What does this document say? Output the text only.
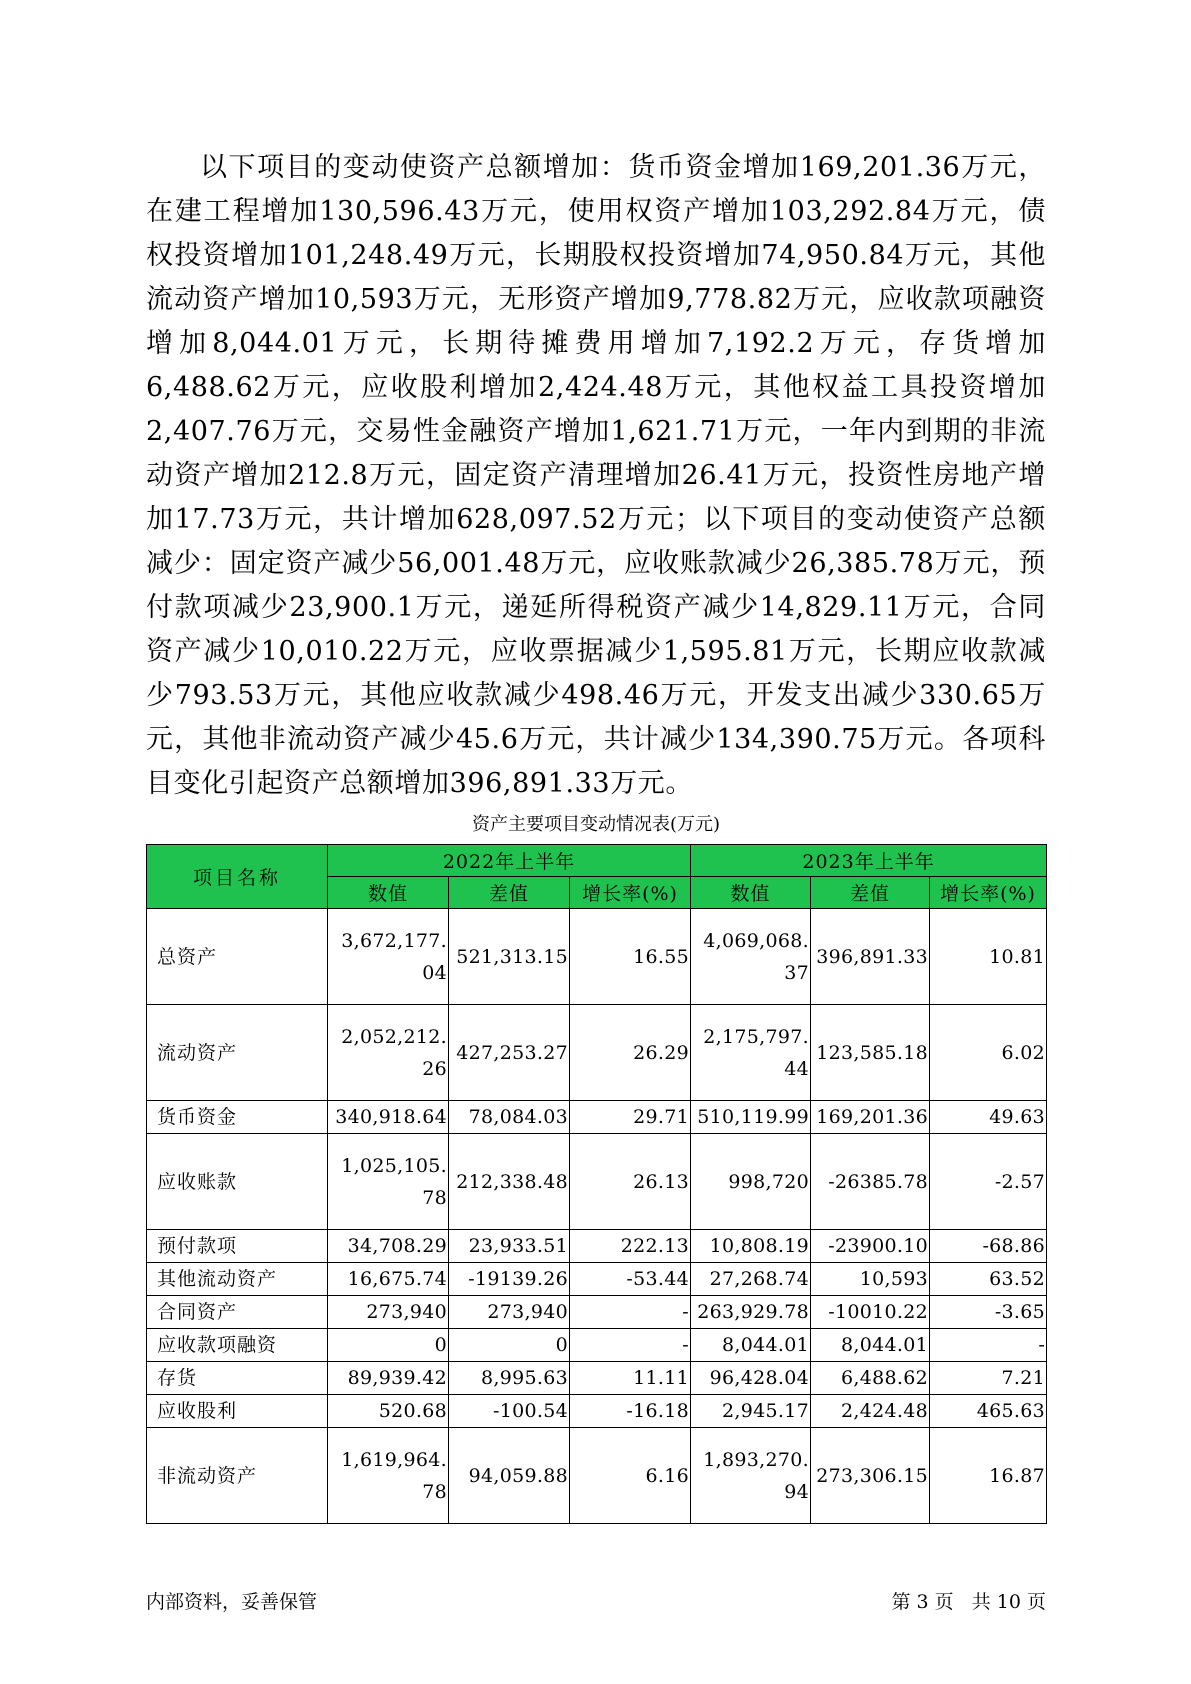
以下项目的变动使资产总额增加：货币资金增加169,201.36万元，在建工程增加130,596.43万元，使用权资产增加103,292.84万元，债权投资增加101,248.49万元，长期股权投资增加74,950.84万元，其他流动资产增加10,593万元，无形资产增加9,778.82万元，应收款项融资增加8,044.01万元，长期待摊费用增加7,192.2万元，存货增加6,488.62万元，应收股利增加2,424.48万元，其他权益工具投资增加2,407.76万元，交易性金融资产增加1,621.71万元，一年内到期的非流动资产增加212.8万元，固定资产清理增加26.41万元，投资性房地产增加17.73万元，共计增加628,097.52万元；以下项目的变动使资产总额减少：固定资产减少56,001.48万元，应收账款减少26,385.78万元，预付款项减少23,900.1万元，递延所得税资产减少14,829.11万元，合同资产减少10,010.22万元，应收票据减少1,595.81万元，长期应收款减少793.53万元，其他应收款减少498.46万元，开发支出减少330.65万元，其他非流动资产减少45.6万元，共计减少134,390.75万元。各项科目变化引起资产总额增加396,891.33万元。

资产主要项目变动情况表(万元)
项目名称	2022年上半年			2023年上半年		
	数值	差值	增长率(%)	数值	差值	增长率(%)
总资产	3,672,177.04	521,313.15	16.55	4,069,068.37	396,891.33	10.81
流动资产	2,052,212.26	427,253.27	26.29	2,175,797.44	123,585.18	6.02
货币资金	340,918.64	78,084.03	29.71	510,119.99	169,201.36	49.63
应收账款	1,025,105.78	212,338.48	26.13	998,720	-26385.78	-2.57
预付款项	34,708.29	23,933.51	222.13	10,808.19	-23900.10	-68.86
其他流动资产	16,675.74	-19139.26	-53.44	27,268.74	10,593	63.52
合同资产	273,940	273,940	-	263,929.78	-10010.22	-3.65
应收款项融资	0	0	-	8,044.01	8,044.01	-
存货	89,939.42	8,995.63	11.11	96,428.04	6,488.62	7.21
应收股利	520.68	-100.54	-16.18	2,945.17	2,424.48	465.63
非流动资产	1,619,964.78	94,059.88	6.16	1,893,270.94	273,306.15	16.87
内部资料，妥善保管	第 3 页   共 10 页
